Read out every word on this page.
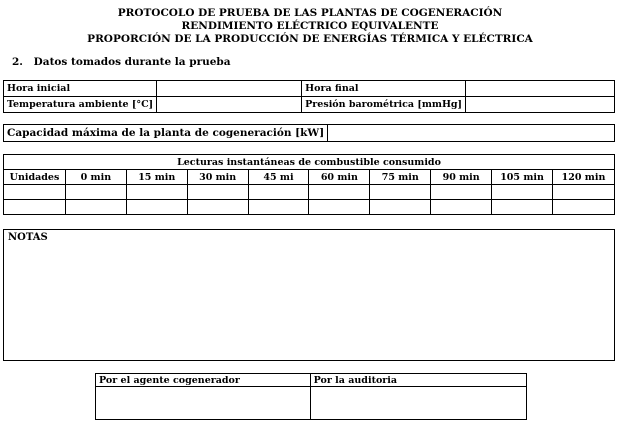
PROTOCOLO DE PRUEBA DE LAS PLANTAS DE COGENERACIÓN
RENDIMIENTO ELÉCTRICO EQUIVALENTE
PROPORCIÓN DE LA PRODUCCIÓN DE ENERGÍAS TÉRMICA Y ELÉCTRICA
2. Datos tomados durante la prueba
Hora inicial		Hora final	
Temperatura ambiente [°C]		Presión barométrica [mmHg]	
Capacidad máxima de la planta de cogeneración [kW]	
Lecturas instantáneas de combustible consumido									
Unidades	0 min	15 min	30 min	45 mi	60 min	75 min	90 min	105 min	120 min

NOTAS
Por el agente cogenerador	Por la auditoria
